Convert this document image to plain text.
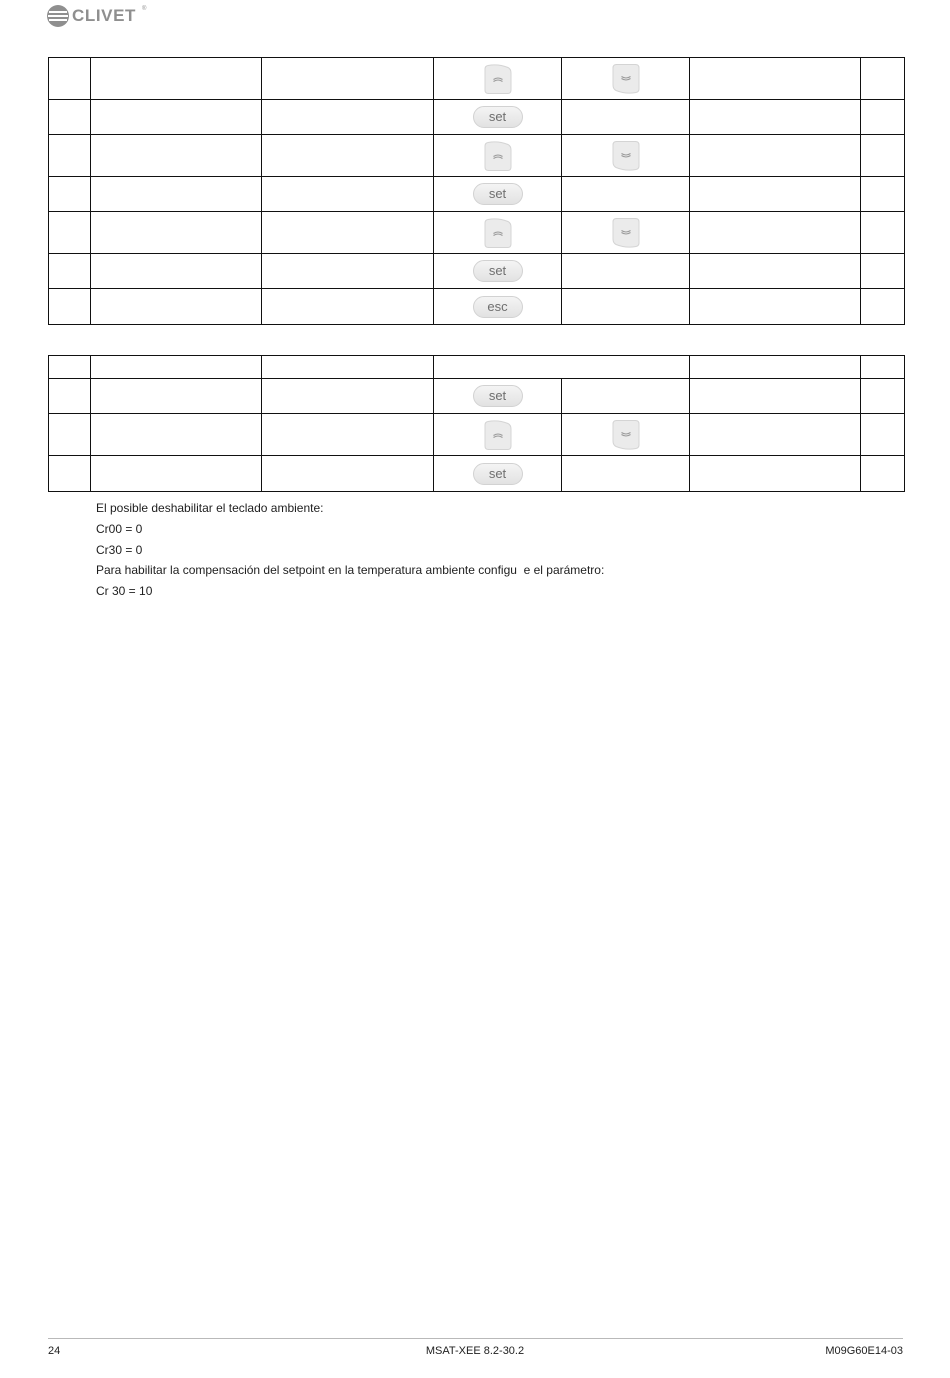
CLIVET ®

			set			

			set			

			set			

			esc			

			set			

			set			

El posible deshabilitar el teclado ambiente:
Cr00 = 0
Cr30 = 0
Para habilitar la compensación del setpoint en la temperatura ambiente configu  e el parámetro:
Cr 30 = 10
24	MSAT-XEE 8.2-30.2	M09G60E14-03
